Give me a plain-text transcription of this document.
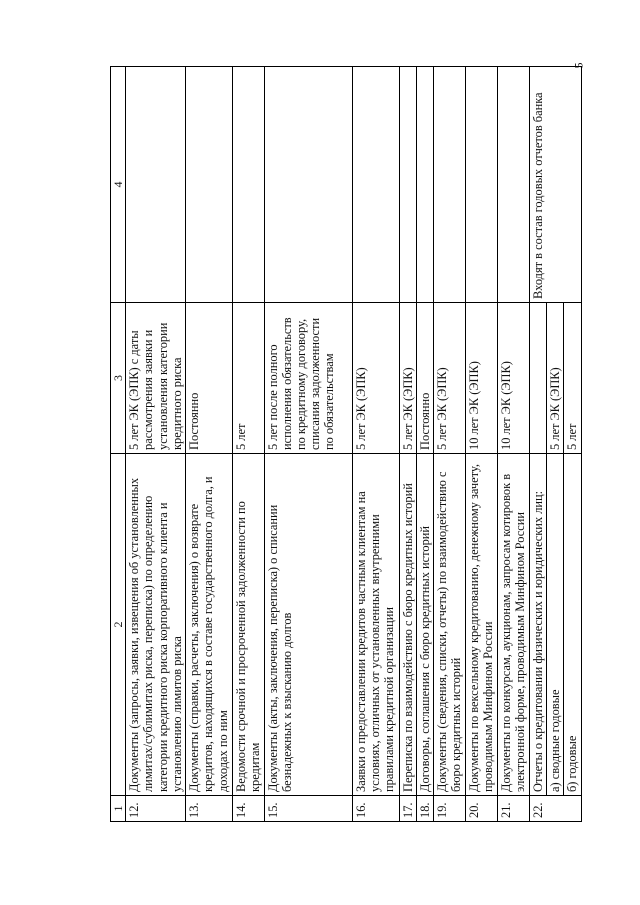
5
1	2	3	4
12.	Документы (запросы, заявки, извещения об установленных лимитах/сублимитах риска, переписка) по определению категории кредитного риска корпоративного клиента и установлению лимитов риска	5 лет ЭК (ЭПК) с даты рассмотрения заявки и установления категории кредитного риска	
13.	Документы (справки, расчеты, заключения) о возврате кредитов, находящихся в составе государственного долга, и доходах по ним	Постоянно	
14.	Ведомости срочной и просроченной задолженности по кредитам	5 лет	
15.	Документы (акты, заключения, переписка) о списании безнадежных к взысканию долгов	5 лет после полного исполнения обязательств по кредитному договору, списания задолженности по обязательствам	
16.	Заявки о предоставлении кредитов частным клиентам на условиях, отличных от установленных внутренними правилами кредитной организации	5 лет ЭК (ЭПК)	
17.	Переписка по взаимодействию с бюро кредитных историй	5 лет ЭК (ЭПК)	
18.	Договоры, соглашения с бюро кредитных историй	Постоянно	
19.	Документы (сведения, списки, отчеты) по взаимодействию с бюро кредитных историй	5 лет ЭК (ЭПК)	
20.	Документы по вексельному кредитованию, денежному зачету, проводимым Минфином России	10 лет ЭК (ЭПК)	
21.	Документы по конкурсам, аукционам, запросам котировок в электронной форме, проводимым Минфином России	10 лет ЭК (ЭПК)	
22.	Отчеты о кредитовании физических и юридических лиц:		Входят в состав годовых отчетов банка
	а) сводные годовые	5 лет ЭК (ЭПК)	
	б) годовые	5 лет	
